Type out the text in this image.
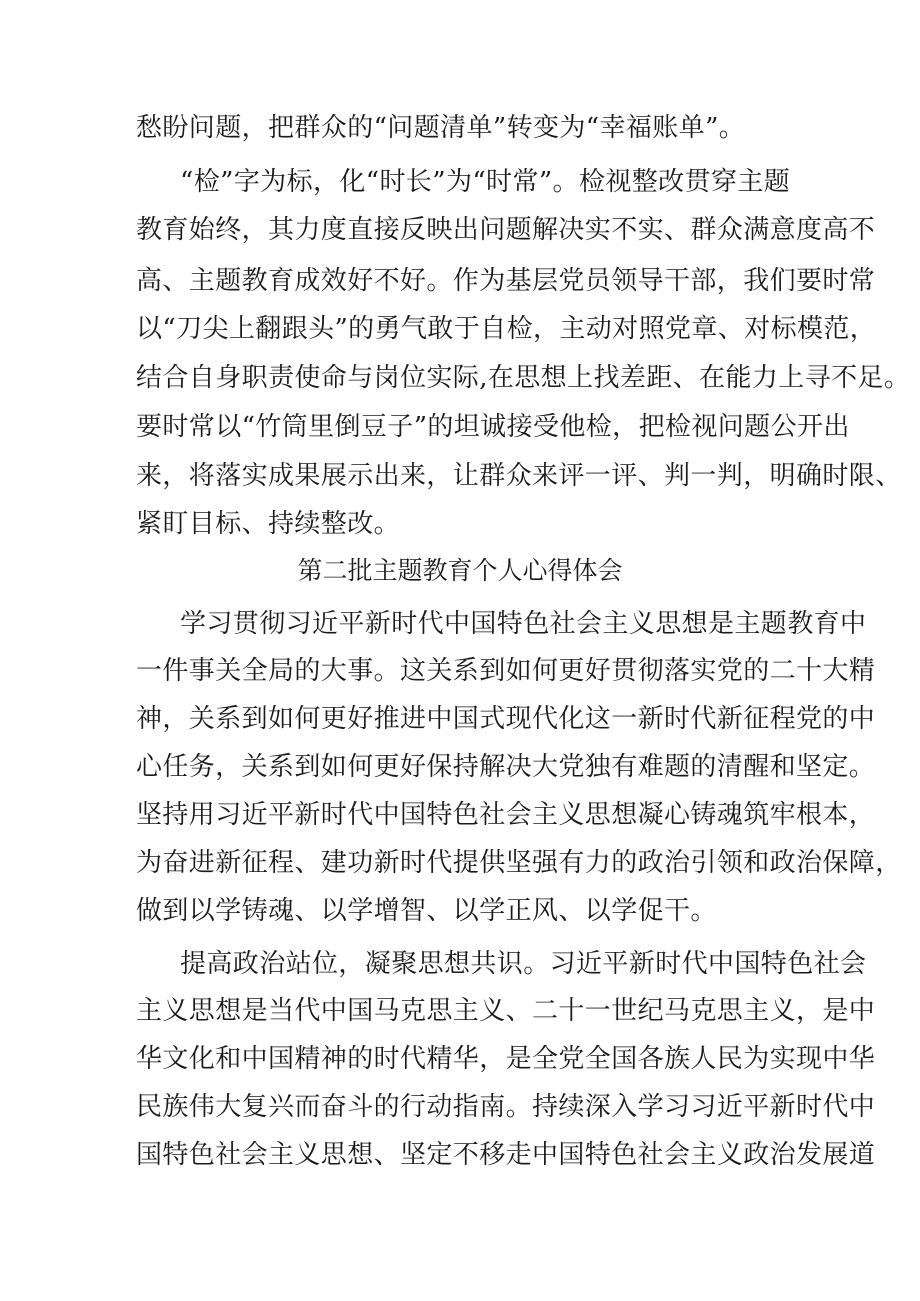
愁盼问题，把群众的“问题清单”转变为“幸福账单”。
“检”字为标，化“时长”为“时常”。检视整改贯穿主题
教育始终，其力度直接反映出问题解决实不实、群众满意度高不
高、主题教育成效好不好。作为基层党员领导干部，我们要时常
以“刀尖上翻跟头”的勇气敢于自检，主动对照党章、对标模范，
结合自身职责使命与岗位实际,在思想上找差距、在能力上寻不足。
要时常以“竹筒里倒豆子”的坦诚接受他检，把检视问题公开出
来，将落实成果展示出来，让群众来评一评、判一判，明确时限、
紧盯目标、持续整改。
第二批主题教育个人心得体会
学习贯彻习近平新时代中国特色社会主义思想是主题教育中
一件事关全局的大事。这关系到如何更好贯彻落实党的二十大精
神，关系到如何更好推进中国式现代化这一新时代新征程党的中
心任务，关系到如何更好保持解决大党独有难题的清醒和坚定。
坚持用习近平新时代中国特色社会主义思想凝心铸魂筑牢根本，
为奋进新征程、建功新时代提供坚强有力的政治引领和政治保障，
做到以学铸魂、以学增智、以学正风、以学促干。
提高政治站位，凝聚思想共识。习近平新时代中国特色社会
主义思想是当代中国马克思主义、二十一世纪马克思主义，是中
华文化和中国精神的时代精华，是全党全国各族人民为实现中华
民族伟大复兴而奋斗的行动指南。持续深入学习习近平新时代中
国特色社会主义思想、坚定不移走中国特色社会主义政治发展道
